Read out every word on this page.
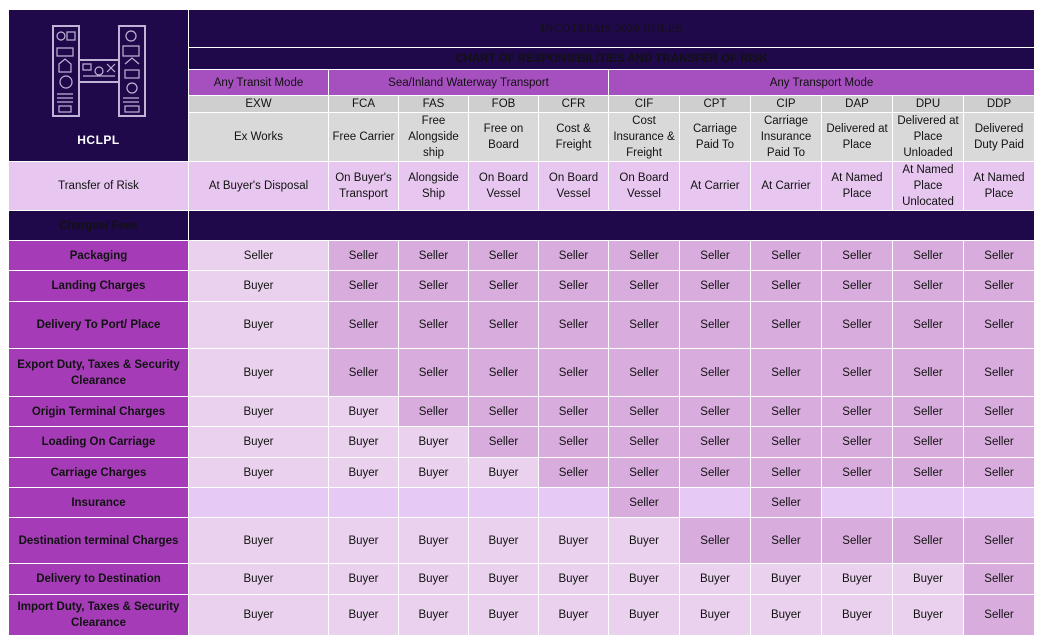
HCLPL	INCOTERMS 2020 RULES										
	CHART OF RESPONSIBILITIES AND TRANSFER OF RISK										
	Any Transit Mode	Sea/Inland Waterway Transport				Any Transport Mode					
	EXW	FCA	FAS	FOB	CFR	CIF	CPT	CIP	DAP	DPU	DDP
	Ex Works	Free Carrier	Free Alongside ship	Free on Board	Cost & Freight	Cost Insurance & Freight	Carriage Paid To	Carriage Insurance Paid To	Delivered at Place	Delivered at Place Unloaded	Delivered Duty Paid
Transfer of Risk	At Buyer's Disposal	On Buyer's Transport	Alongside Ship	On Board Vessel	On Board Vessel	On Board Vessel	At Carrier	At Carrier	At Named Place	At Named Place Unlocated	At Named Place
Charges/ Fees											
Packaging	Seller	Seller	Seller	Seller	Seller	Seller	Seller	Seller	Seller	Seller	Seller
Landing Charges	Buyer	Seller	Seller	Seller	Seller	Seller	Seller	Seller	Seller	Seller	Seller
Delivery To Port/ Place	Buyer	Seller	Seller	Seller	Seller	Seller	Seller	Seller	Seller	Seller	Seller
Export Duty, Taxes & Security Clearance	Buyer	Seller	Seller	Seller	Seller	Seller	Seller	Seller	Seller	Seller	Seller
Origin Terminal Charges	Buyer	Buyer	Seller	Seller	Seller	Seller	Seller	Seller	Seller	Seller	Seller
Loading On Carriage	Buyer	Buyer	Buyer	Seller	Seller	Seller	Seller	Seller	Seller	Seller	Seller
Carriage Charges	Buyer	Buyer	Buyer	Buyer	Seller	Seller	Seller	Seller	Seller	Seller	Seller
Insurance						Seller		Seller			
Destination terminal Charges	Buyer	Buyer	Buyer	Buyer	Buyer	Buyer	Seller	Seller	Seller	Seller	Seller
Delivery to Destination	Buyer	Buyer	Buyer	Buyer	Buyer	Buyer	Buyer	Buyer	Buyer	Buyer	Seller
Import Duty, Taxes & Security Clearance	Buyer	Buyer	Buyer	Buyer	Buyer	Buyer	Buyer	Buyer	Buyer	Buyer	Seller
